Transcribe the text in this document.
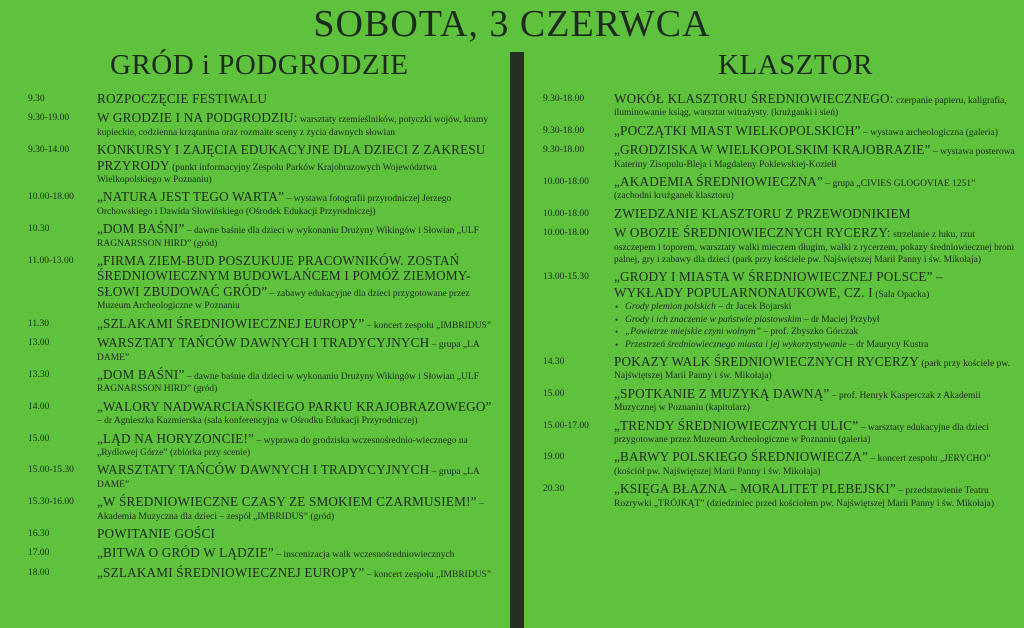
SOBOTA, 3 CZERWCA
GRÓD i PODGRODZIE	KLASZTOR
9.30	ROZPOCZĘCIE FESTIWALU
9.30-19.00 W GRODZIE I NA PODGRODZIU: warsztaty rzemieślników, potyczki wojów, kramy kupieckie, codzienna krzątanina oraz rozmaite sceny z życia dawnych słowian
9.30-14.00 KONKURSY I ZAJĘCIA EDUKACYJNE DLA DZIECI Z ZAKRESU PRZYRODY (punkt informacyjny Zespołu Parków Krajobrazowych Województwa Wielkopolskiego w Poznaniu)
10.00-18.00 „NATURA JEST TEGO WARTA” – wystawa fotografii przyrodniczej Jerzego Orchowskiego i Dawida Słowińskiego (Ośrodek Edukacji Przyrodniczej)
10.30	„DOM BAŚNI” – dawne baśnie dla dzieci w wykonaniu Drużyny Wikingów i Słowian „ULF RAGNARSSON HIRD” (gród)
11.00-13.00 „FIRMA ZIEM-BUD POSZUKUJE PRACOWNIKÓW. ZOSTAŃ ŚREDNIOWIECZNYM BUDOWLAŃCEM I POMÓŻ ZIEMOMY-SŁOWI ZBUDOWAĆ GRÓD” – zabawy edukacyjne dla dzieci przygotowane przez Muzeum Archeologiczne w Poznaniu
11.30	„SZLAKAMI ŚREDNIOWIECZNEJ EUROPY” – koncert zespołu „IMBRIDUS”
13.00	WARSZTATY TAŃCÓW DAWNYCH I TRADYCYJNYCH – grupa „LA DAME”
13.30	„DOM BAŚNI” – dawne baśnie dla dzieci w wykonaniu Drużyny Wikingów i Słowian „ULF RAGNARSSON HIRD” (gród)
14.00	„WALORY NADWARCIAŃSKIEGO PARKU KRAJOBRAZOWEGO” – dr Agnieszka Kazmierska (sala konferencyjna w Ośrodku Edukacji Przyrodniczej)
15.00	„LĄD NA HORYZONCIE!” – wyprawa do grodziska wczesnośrednio-wiecznego na „Rydlowej Górze” (zbiórka przy scenie)
15.00-15.30 WARSZTATY TAŃCÓW DAWNYCH I TRADYCYJNYCH – grupa „LA DAME”
15.30-16.00 „W ŚREDNIOWIECZNE CZASY ZE SMOKIEM CZARMUSIEM!” – Akademia Muzyczna dla dzieci – zespół „IMBRIDUS” (gród)
16.30	POWITANIE GOŚCI
17.00	„BITWA O GRÓD W LĄDZIE” – inscenizacja walk wczesnośredniowiecznych
18.00	„SZLAKAMI ŚREDNIOWIECZNEJ EUROPY” – koncert zespołu „IMBRIDUS”
9.30-18.00 WOKÓŁ KLASZTORU ŚREDNIOWIECZNEGO: czerpanie papieru, kaligrafia, iluminowanie ksiąg, warsztat witrażysty. (krużganki i sień)
9.30-18.00 „POCZĄTKI MIAST WIELKOPOLSKICH” – wystawa archeologiczna (galeria)
9.30-18.00 „GRODZISKA W WIELKOPOLSKIM KRAJOBRAZIE” – wystawa posterowa Kateriny Zisopulu-Bleja i Magdaleny Poklewskiej-Koziełł
10.00-18.00 „AKADEMIA ŚREDNIOWIECZNA” – grupa „CIVIES GLOGOVIAE 1251” (zachodni krużganek klasztoru)
10.00-18.00 ZWIEDZANIE KLASZTORU Z PRZEWODNIKIEM
10.00-18.00 W OBOZIE ŚREDNIOWIECZNYCH RYCERZY: strzelanie z łuku, rzut oszczepem i toporem, warsztaty walki mieczem długim, walki z rycerzem, pokazy średniowiecznej broni palnej, gry i zabawy dla dzieci (park przy kościele pw. Najświętszej Marii Panny i św. Mikołaja)
13.00-15.30 „GRODY I MIASTA W ŚREDNIOWIECZNEJ POLSCE” – WYKŁADY POPULARNONAUKOWE, CZ. I (Sala Opacka)
• Grody plemion polskich – dr Jacek Bojarski
• Grody i ich znaczenie w państwie piastowskim – dr Maciej Przybył
• „Powietrze miejskie czyni wolnym” – prof. Zbyszko Górczak
• Przestrzeń średniowiecznego miasta i jej wykorzystywanie – dr Maurycy Kustra
14.30	POKAZY WALK ŚREDNIOWIECZNYCH RYCERZY (park przy kościele pw. Najświętszej Marii Panny i św. Mikołaja)
15.00	„SPOTKANIE Z MUZYKĄ DAWNĄ” – prof. Henryk Kasperczak z Akademii Muzycznej w Poznaniu (kapitularz)
15.00-17.00 „TRENDY ŚREDNIOWIECZNYCH ULIC” – warsztaty edukacyjne dla dzieci przygotowane przez Muzeum Archeologiczne w Poznaniu (galeria)
19.00	„BARWY POLSKIEGO ŚREDNIOWIECZA” – koncert zespołu „JERYCHO” (kościół pw. Najświętszej Marii Panny i św. Mikołaja)
20.30	„KSIĘGA BŁAZNA – MORALITET PLEBEJSKI” – przedstawienie Teatru Rozrywki „TRÓJKĄT” (dziedziniec przed kościołem pw. Najświętszej Marii Panny i św. Mikołaja)
